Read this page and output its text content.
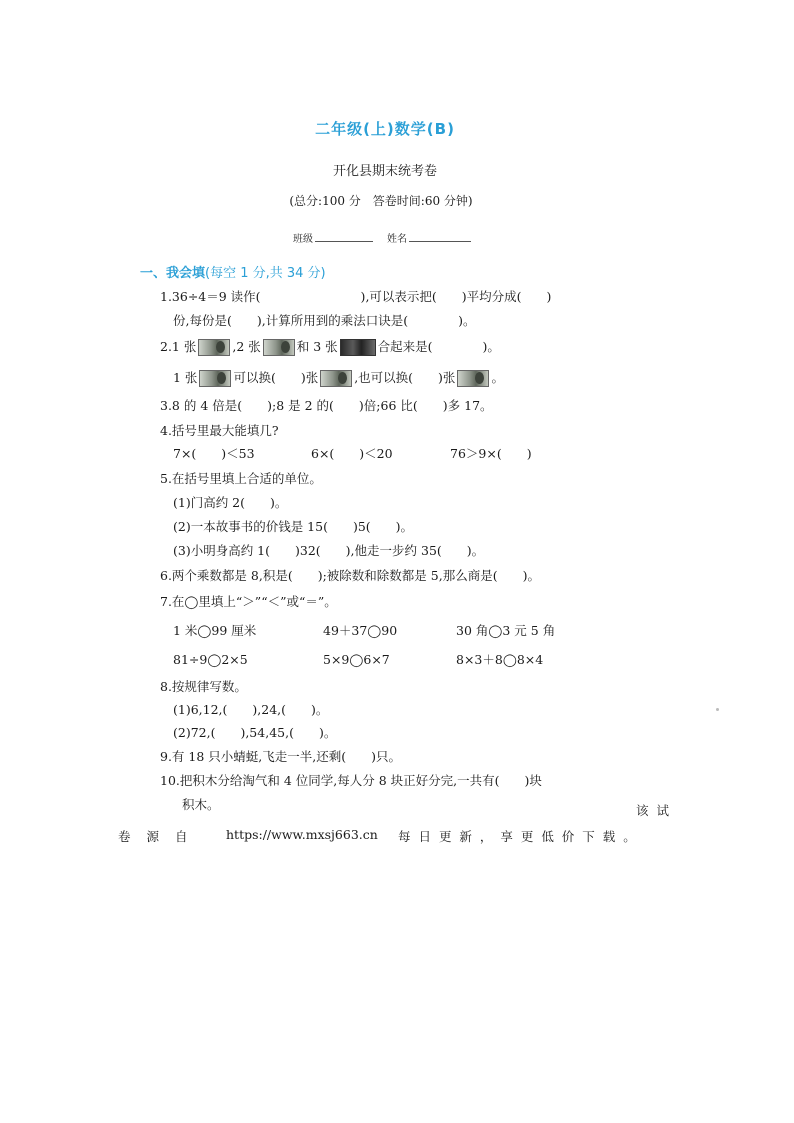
二年级(上)数学(B)
开化县期末统考卷
(总分:100 分　答卷时间:60 分钟)
班级	姓名
一、我会填(每空 1 分,共 34 分)
1.36÷4＝9 读作(　　　　　　　　),可以表示把(　　)平均分成(　　)
份,每份是(　　),计算所用到的乘法口诀是(　　　　)。
2.1 张	,2 张	和 3 张	合起来是(　　　　)。
1 张	可以换(　　)张	,也可以换(　　)张	。
3.8 的 4 倍是(　　);8 是 2 的(　　)倍;66 比(　　)多 17。
4.括号里最大能填几?
7×(　　)＜53	6×(　　)＜20	76＞9×(　　)
5.在括号里填上合适的单位。
(1)门高约 2(　　)。
(2)一本故事书的价钱是 15(　　)5(　　)。
(3)小明身高约 1(　　)32(　　),他走一步约 35(　　)。
6.两个乘数都是 8,积是(　　);被除数和除数都是 5,那么商是(　　)。
7.在◯里填上“＞”“＜”或“＝”。
1 米◯99 厘米	49＋37◯90	30 角◯3 元 5 角
81÷9◯2×5	5×9◯6×7	8×3＋8◯8×4
8.按规律写数。
(1)6,12,(　　),24,(　　)。
(2)72,(　　),54,45,(　　)。
9.有 18 只小蜻蜓,飞走一半,还剩(　　)只。
10.把积木分给淘气和 4 位同学,每人分 8 块正好分完,一共有(　　)块
积木。	该试
卷 源 自	https://www.mxsj663.cn 每 日 更 新 ， 享 更 低 价 下 载 。
